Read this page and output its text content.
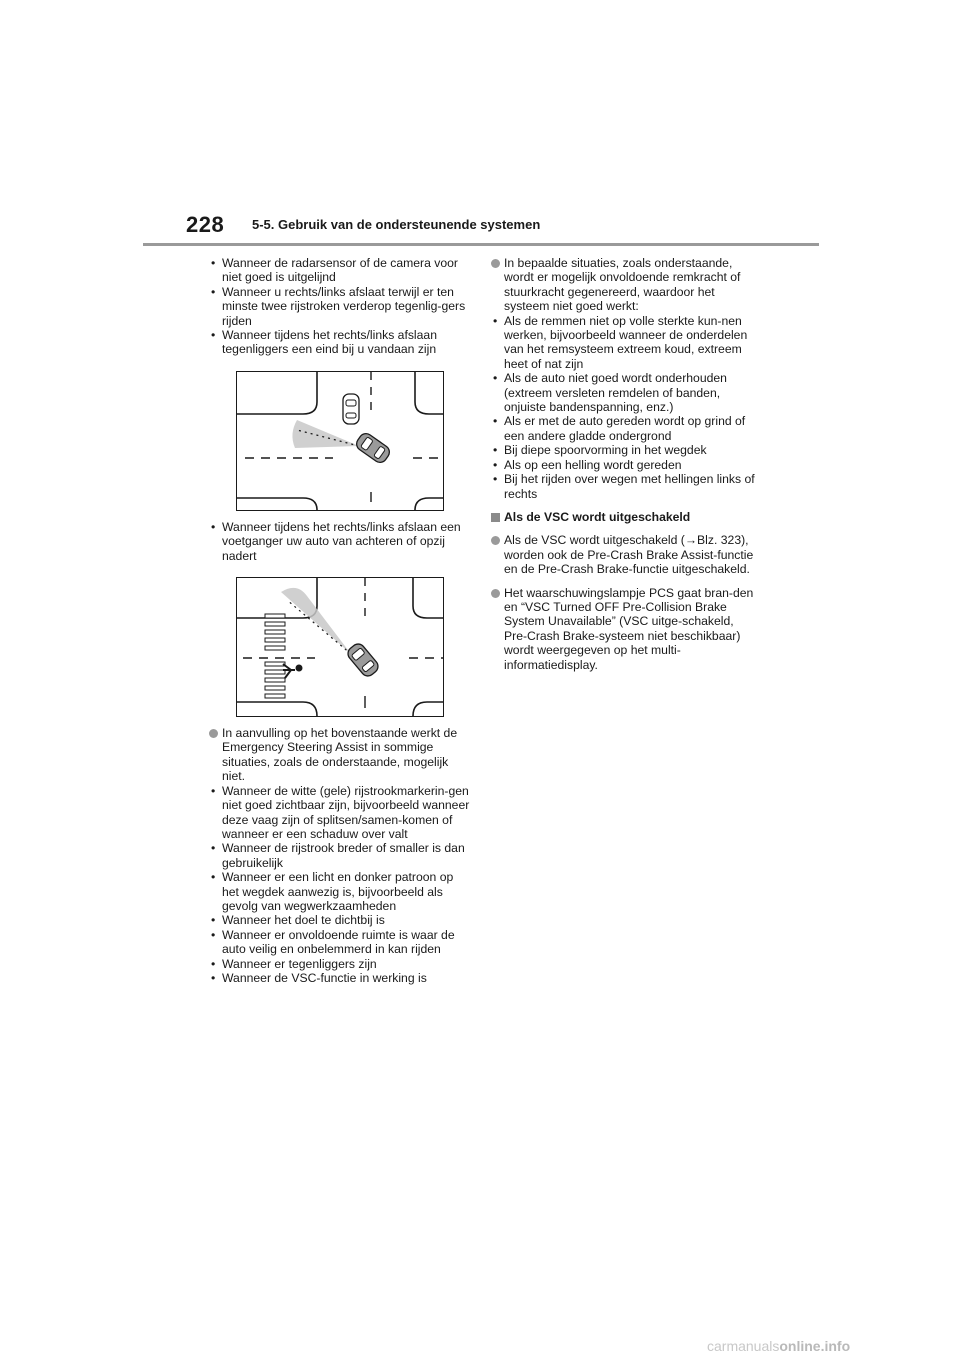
228 5-5. Gebruik van de ondersteunende systemen
• Wanneer de radarsensor of de camera voor niet goed is uitgelijnd
• Wanneer u rechts/links afslaat terwijl er ten minste twee rijstroken verderop tegenlig-gers rijden
• Wanneer tijdens het rechts/links afslaan tegenliggers een eind bij u vandaan zijn
• Wanneer tijdens het rechts/links afslaan een voetganger uw auto van achteren of opzij nadert
In aanvulling op het bovenstaande werkt de Emergency Steering Assist in sommige situaties, zoals de onderstaande, mogelijk niet.
• Wanneer de witte (gele) rijstrookmarkerin-gen niet goed zichtbaar zijn, bijvoorbeeld wanneer deze vaag zijn of splitsen/samen-komen of wanneer er een schaduw over valt
• Wanneer de rijstrook breder of smaller is dan gebruikelijk
• Wanneer er een licht en donker patroon op het wegdek aanwezig is, bijvoorbeeld als gevolg van wegwerkzaamheden
• Wanneer het doel te dichtbij is
• Wanneer er onvoldoende ruimte is waar de auto veilig en onbelemmerd in kan rijden
• Wanneer er tegenliggers zijn
• Wanneer de VSC-functie in werking is
In bepaalde situaties, zoals onderstaande, wordt er mogelijk onvoldoende remkracht of stuurkracht gegenereerd, waardoor het systeem niet goed werkt:
• Als de remmen niet op volle sterkte kun-nen werken, bijvoorbeeld wanneer de onderdelen van het remsysteem extreem koud, extreem heet of nat zijn
• Als de auto niet goed wordt onderhouden (extreem versleten remdelen of banden, onjuiste bandenspanning, enz.)
• Als er met de auto gereden wordt op grind of een andere gladde ondergrond
• Bij diepe spoorvorming in het wegdek
• Als op een helling wordt gereden
• Bij het rijden over wegen met hellingen links of rechts
Als de VSC wordt uitgeschakeld
Als de VSC wordt uitgeschakeld (→Blz. 323), worden ook de Pre-Crash Brake Assist-functie en de Pre-Crash Brake-functie uitgeschakeld.
Het waarschuwingslampje PCS gaat bran-den en “VSC Turned OFF Pre-Collision Brake System Unavailable” (VSC uitge-schakeld, Pre-Crash Brake-systeem niet beschikbaar) wordt weergegeven op het multi-informatiedisplay.
carmanualsonline.info
